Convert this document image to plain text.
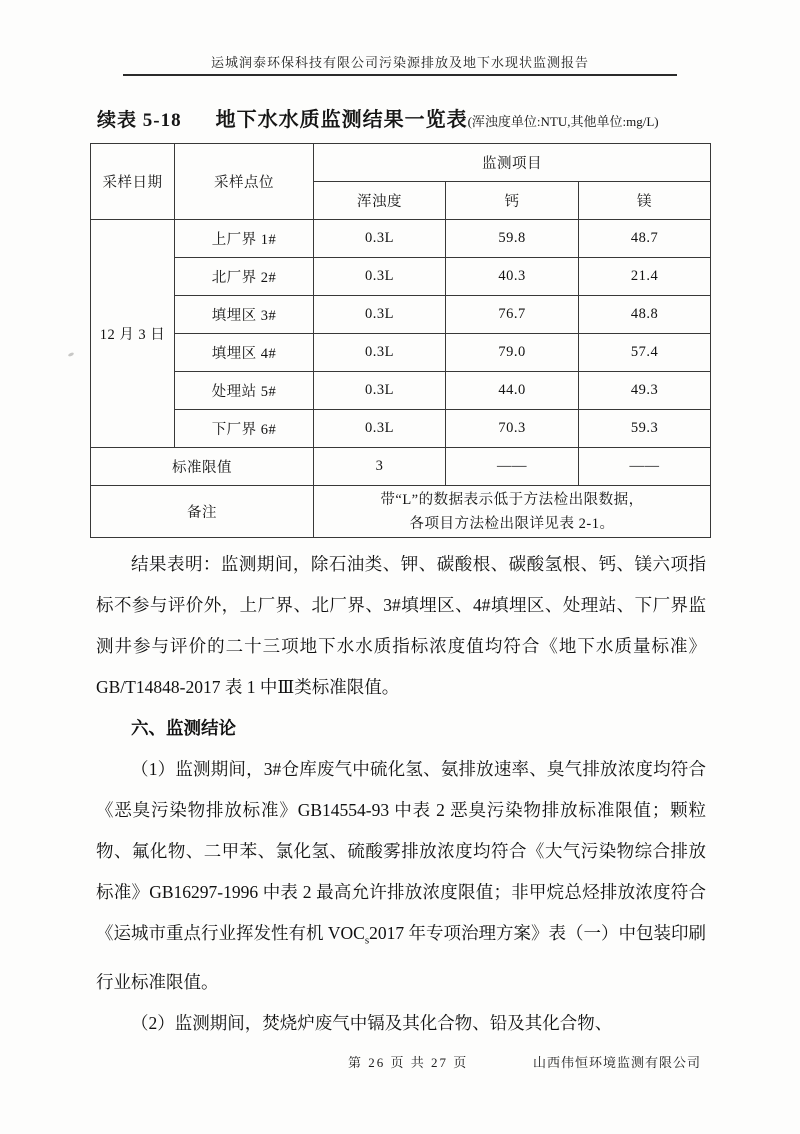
运城润泰环保科技有限公司污染源排放及地下水现状监测报告
续表 5-18 地下水水质监测结果一览表(浑浊度单位:NTU,其他单位:mg/L)
采样日期	采样点位	监测项目		
		浑浊度	钙	镁
12 月 3 日	上厂界 1#	0.3L	59.8	48.7
	北厂界 2#	0.3L	40.3	21.4
	填埋区 3#	0.3L	76.7	48.8
	填埋区 4#	0.3L	79.0	57.4
	处理站 5#	0.3L	44.0	49.3
	下厂界 6#	0.3L	70.3	59.3
标准限值		3	——	——
备注		带“L”的数据表示低于方法检出限数据，
各项目方法检出限详见表 2-1。		

结果表明：监测期间，除石油类、钾、碳酸根、碳酸氢根、钙、镁六项指标不参与评价外，上厂界、北厂界、3#填埋区、4#填埋区、处理站、下厂界监测井参与评价的二十三项地下水水质指标浓度值均符合《地下水质量标准》GB/T14848-2017 表 1 中Ⅲ类标准限值。

六、监测结论

（1）监测期间，3#仓库废气中硫化氢、氨排放速率、臭气排放浓度均符合《恶臭污染物排放标准》GB14554-93 中表 2 恶臭污染物排放标准限值；颗粒物、氟化物、二甲苯、氯化氢、硫酸雾排放浓度均符合《大气污染物综合排放标准》GB16297-1996 中表 2 最高允许排放浓度限值；非甲烷总烃排放浓度符合《运城市重点行业挥发性有机 $VOC_s2017$ 年专项治理方案》表（一）中包装印刷行业标准限值。

（2）监测期间，焚烧炉废气中镉及其化合物、铅及其化合物、

第 26 页 共 27 页	山西伟恒环境监测有限公司
